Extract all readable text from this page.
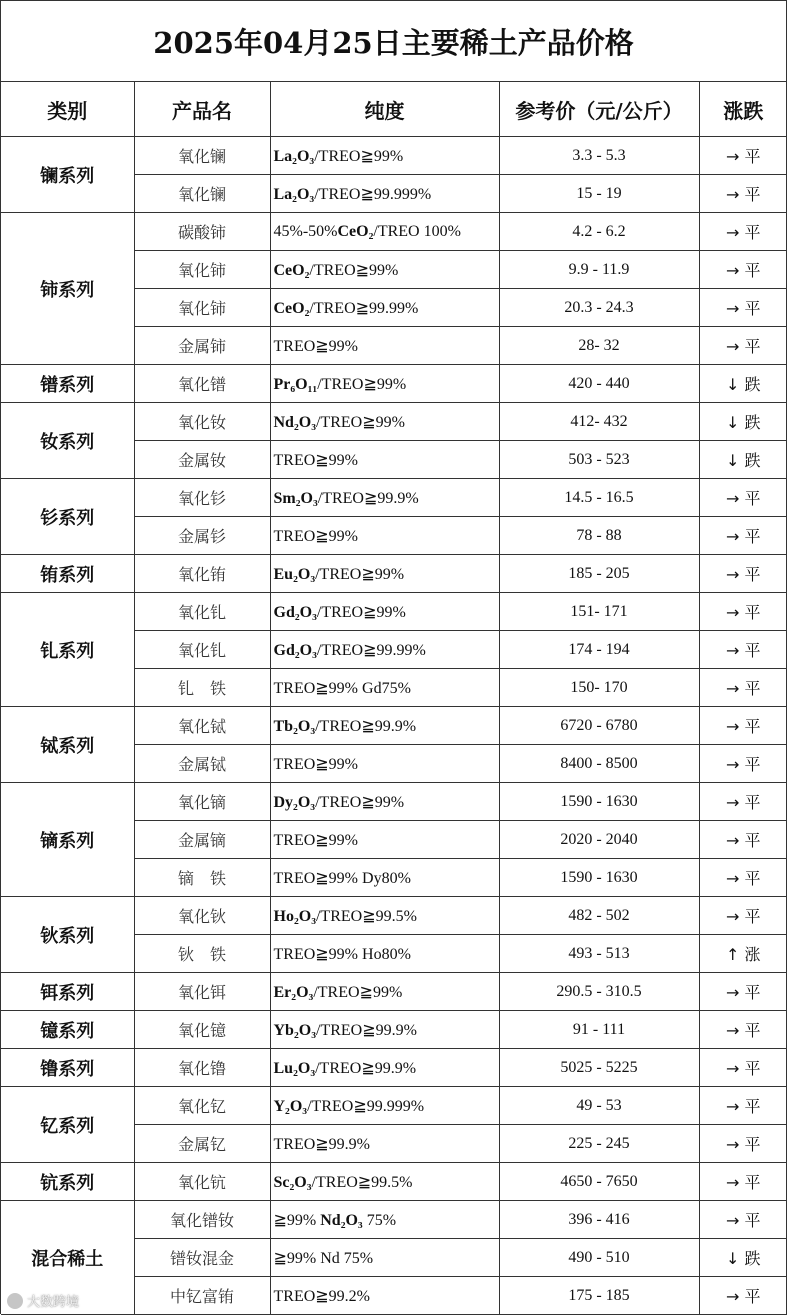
2025年04月25日主要稀土产品价格
类别	产品名	纯度	参考价（元/公斤）	涨跌
镧系列	氧化镧	La₂O₃/TREO≧99%	3.3 - 5.3	→ 平
	氧化镧	La₂O₃/TREO≧99.999%	15 - 19	→ 平
铈系列	碳酸铈	45%-50%CeO₂/TREO 100%	4.2 - 6.2	→ 平
	氧化铈	CeO₂/TREO≧99%	9.9 - 11.9	→ 平
	氧化铈	CeO₂/TREO≧99.99%	20.3 - 24.3	→ 平
	金属铈	TREO≧99%	28- 32	→ 平
镨系列	氧化镨	Pr₆O₁₁/TREO≧99%	420 - 440	↓ 跌
钕系列	氧化钕	Nd₂O₃/TREO≧99%	412- 432	↓ 跌
	金属钕	TREO≧99%	503 - 523	↓ 跌
钐系列	氧化钐	Sm₂O₃/TREO≧99.9%	14.5 - 16.5	→ 平
	金属钐	TREO≧99%	78 - 88	→ 平
铕系列	氧化铕	Eu₂O₃/TREO≧99%	185 - 205	→ 平
钆系列	氧化钆	Gd₂O₃/TREO≧99%	151- 171	→ 平
	氧化钆	Gd₂O₃/TREO≧99.99%	174 - 194	→ 平
	钆　铁	TREO≧99% Gd75%	150- 170	→ 平
铽系列	氧化铽	Tb₂O₃/TREO≧99.9%	6720 - 6780	→ 平
	金属铽	TREO≧99%	8400 - 8500	→ 平
镝系列	氧化镝	Dy₂O₃/TREO≧99%	1590 - 1630	→ 平
	金属镝	TREO≧99%	2020 - 2040	→ 平
	镝　铁	TREO≧99% Dy80%	1590 - 1630	→ 平
钬系列	氧化钬	Ho₂O₃/TREO≧99.5%	482 - 502	→ 平
	钬　铁	TREO≧99% Ho80%	493 - 513	↑ 涨
铒系列	氧化铒	Er₂O₃/TREO≧99%	290.5 - 310.5	→ 平
镱系列	氧化镱	Yb₂O₃/TREO≧99.9%	91 - 111	→ 平
镥系列	氧化镥	Lu₂O₃/TREO≧99.9%	5025 - 5225	→ 平
钇系列	氧化钇	Y₂O₃/TREO≧99.999%	49 - 53	→ 平
	金属钇	TREO≧99.9%	225 - 245	→ 平
钪系列	氧化钪	Sc₂O₃/TREO≧99.5%	4650 - 7650	→ 平
混合稀土	氧化镨钕	≧99% Nd₂O₃ 75%	396 - 416	→ 平
	镨钕混金	≧99% Nd 75%	490 - 510	↓ 跌
	中钇富铕	TREO≧99.2%	175 - 185	→ 平
大数跨境
